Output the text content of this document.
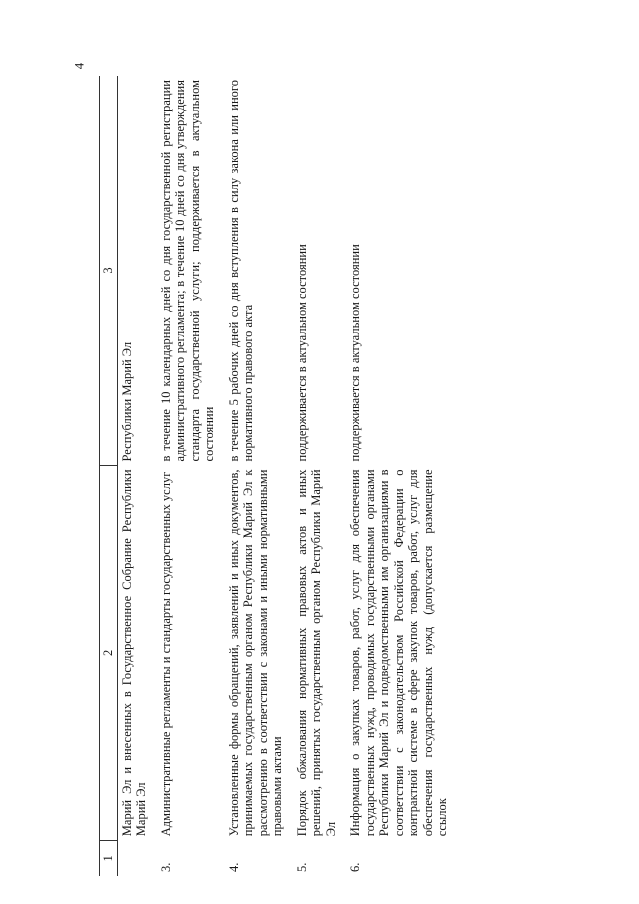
4
1	2	3
	Марий Эл и внесенных в Государственное Собрание Республики Марий Эл	Республики Марий Эл
3.	Административные регламенты и стандарты государственных услуг	в течение 10 календарных дней со дня государственной регистрации административного регламента; в течение 10 дней со дня утверждения стандарта государственной услуги; поддерживается в актуальном состоянии
4.	Установленные формы обращений, заявлений и иных документов, принимаемых государственным органом Республики Марий Эл к рассмотрению в соответствии с законами и иными нормативными правовыми актами	в течение 5 рабочих дней со дня вступления в силу закона или иного нормативного правового акта
5.	Порядок обжалования нормативных правовых актов и иных решений, принятых государственным органом Республики Марий Эл	поддерживается в актуальном состоянии
6.	Информация о закупках товаров, работ, услуг для обеспечения государственных нужд, проводимых государственными органами Республики Марий Эл и подведомственными им организациями в соответствии с законодательством Российской Федерации о контрактной системе в сфере закупок товаров, работ, услуг для обеспечения государственных нужд (допускается размещение ссылок	поддерживается в актуальном состоянии
